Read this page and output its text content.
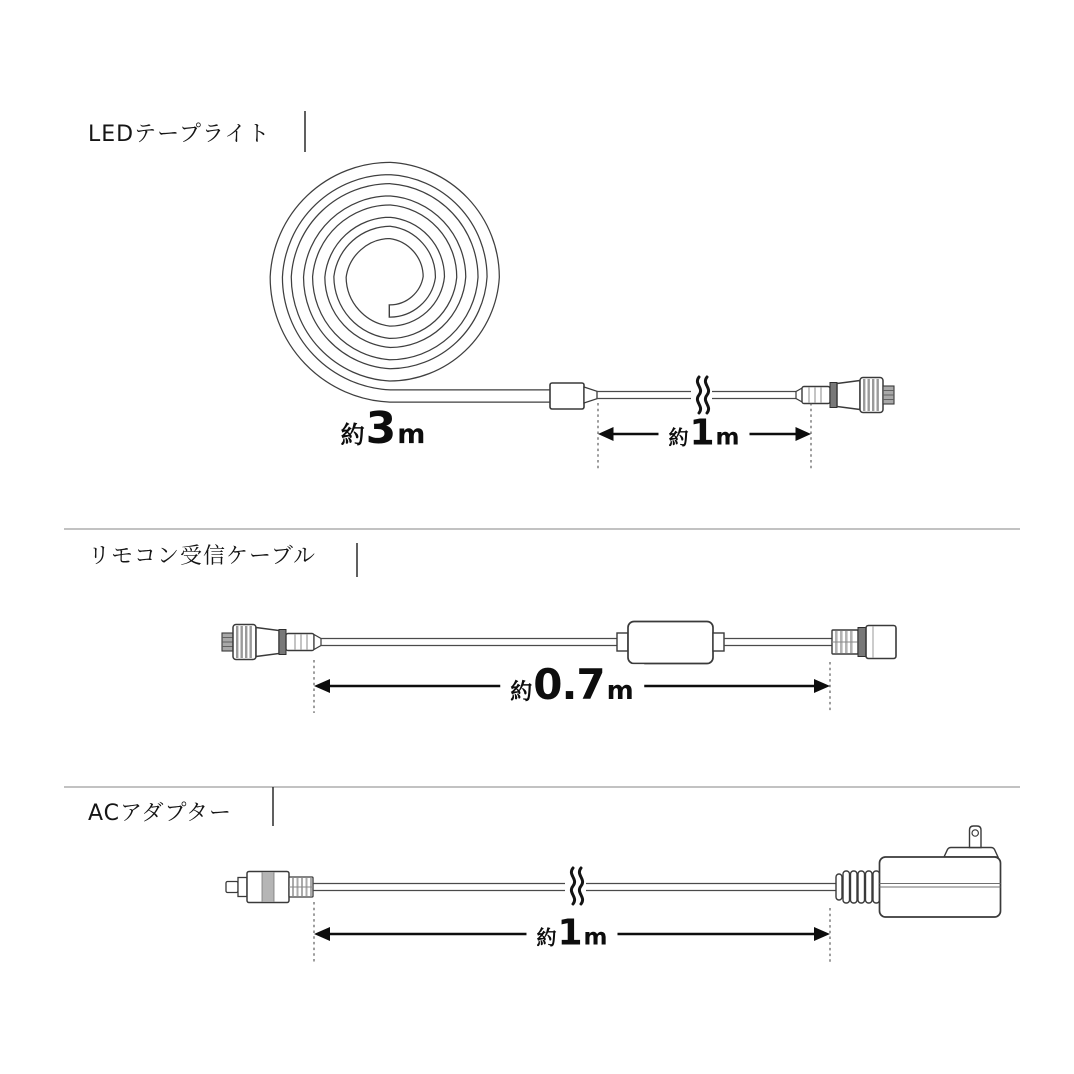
LEDテープライト
リモコン受信ケーブル
ACアダプター
約 3 m	約 1 m
約 0.7 m
約 1 m
